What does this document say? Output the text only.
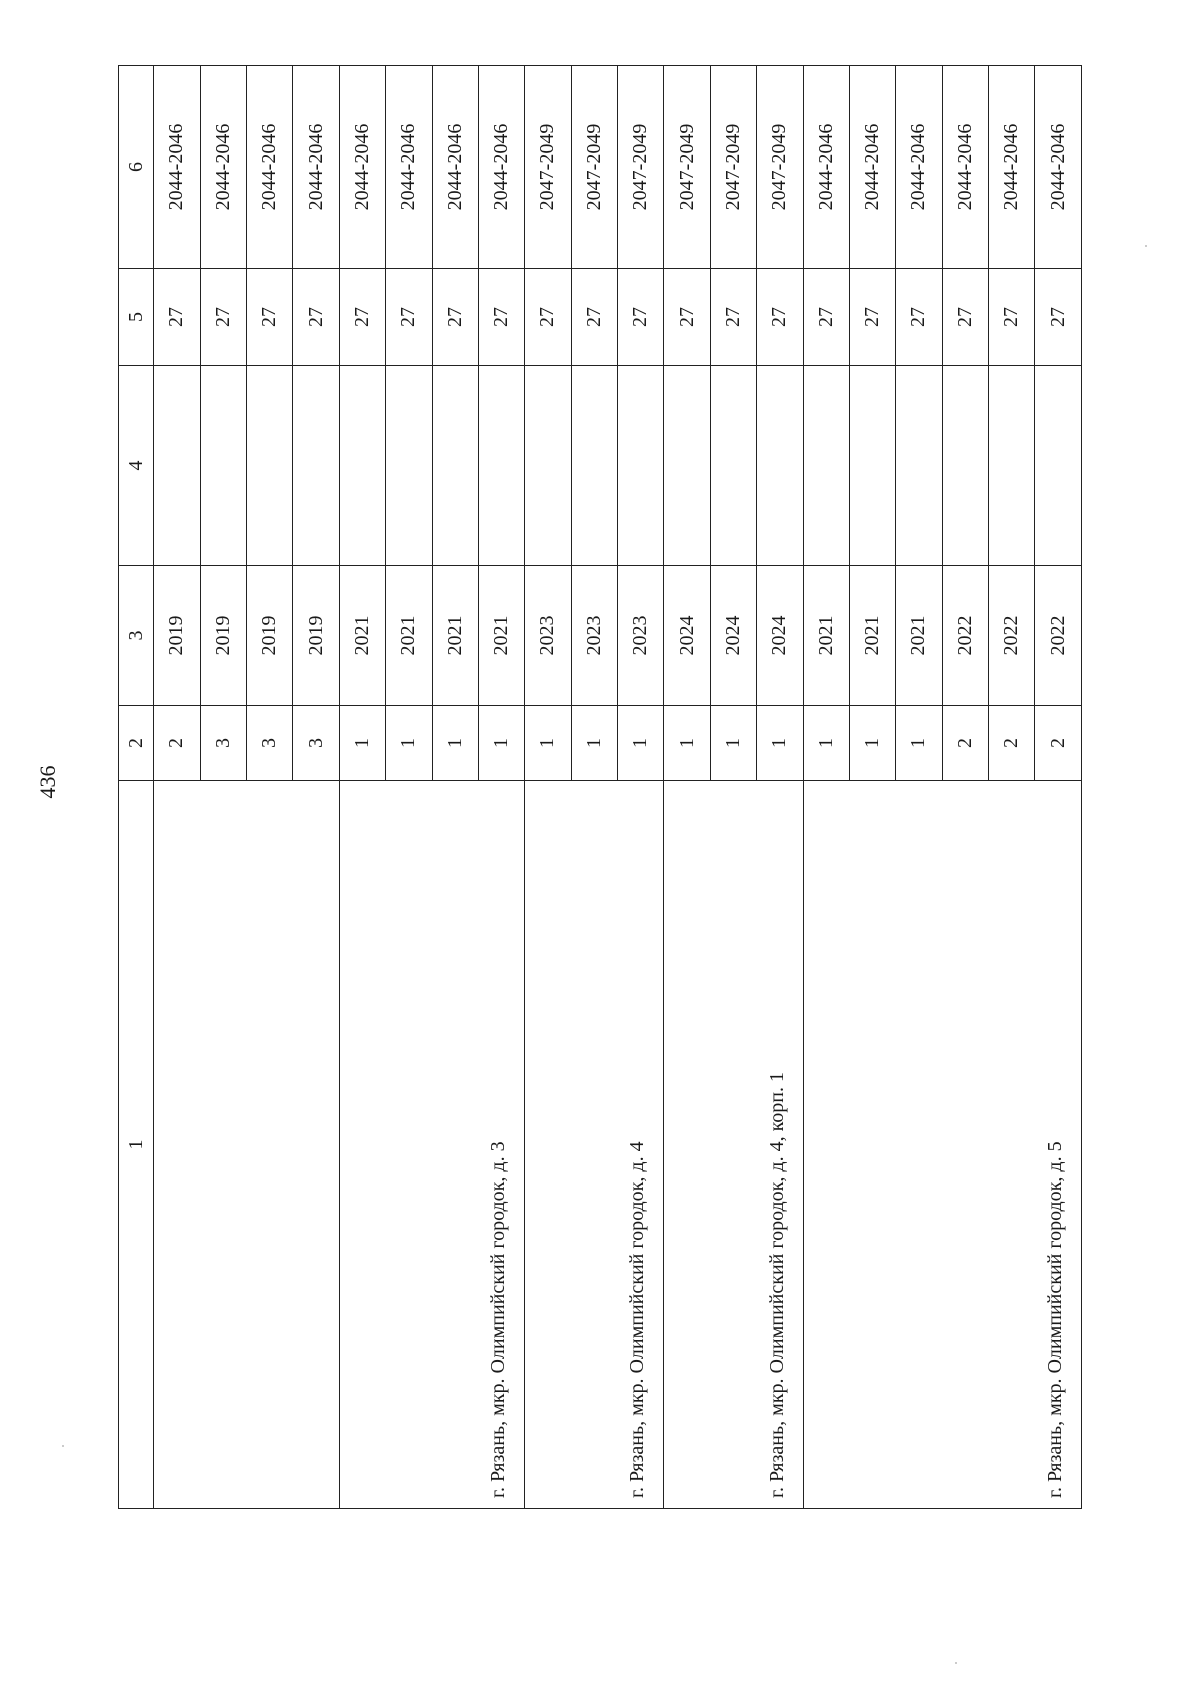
436
1	2	3	4	5	6
	2	2019		27	2044-2046
	3	2019		27	2044-2046
	3	2019		27	2044-2046
	3	2019		27	2044-2046
г. Рязань, мкр. Олимпийский городок, д. 3	1	2021		27	2044-2046
	1	2021		27	2044-2046
	1	2021		27	2044-2046
	1	2021		27	2044-2046
г. Рязань, мкр. Олимпийский городок, д. 4	1	2023		27	2047-2049
	1	2023		27	2047-2049
	1	2023		27	2047-2049
г. Рязань, мкр. Олимпийский городок, д. 4, корп. 1	1	2024		27	2047-2049
	1	2024		27	2047-2049
	1	2024		27	2047-2049
г. Рязань, мкр. Олимпийский городок, д. 5	1	2021		27	2044-2046
	1	2021		27	2044-2046
	1	2021		27	2044-2046
	2	2022		27	2044-2046
	2	2022		27	2044-2046
	2	2022		27	2044-2046
